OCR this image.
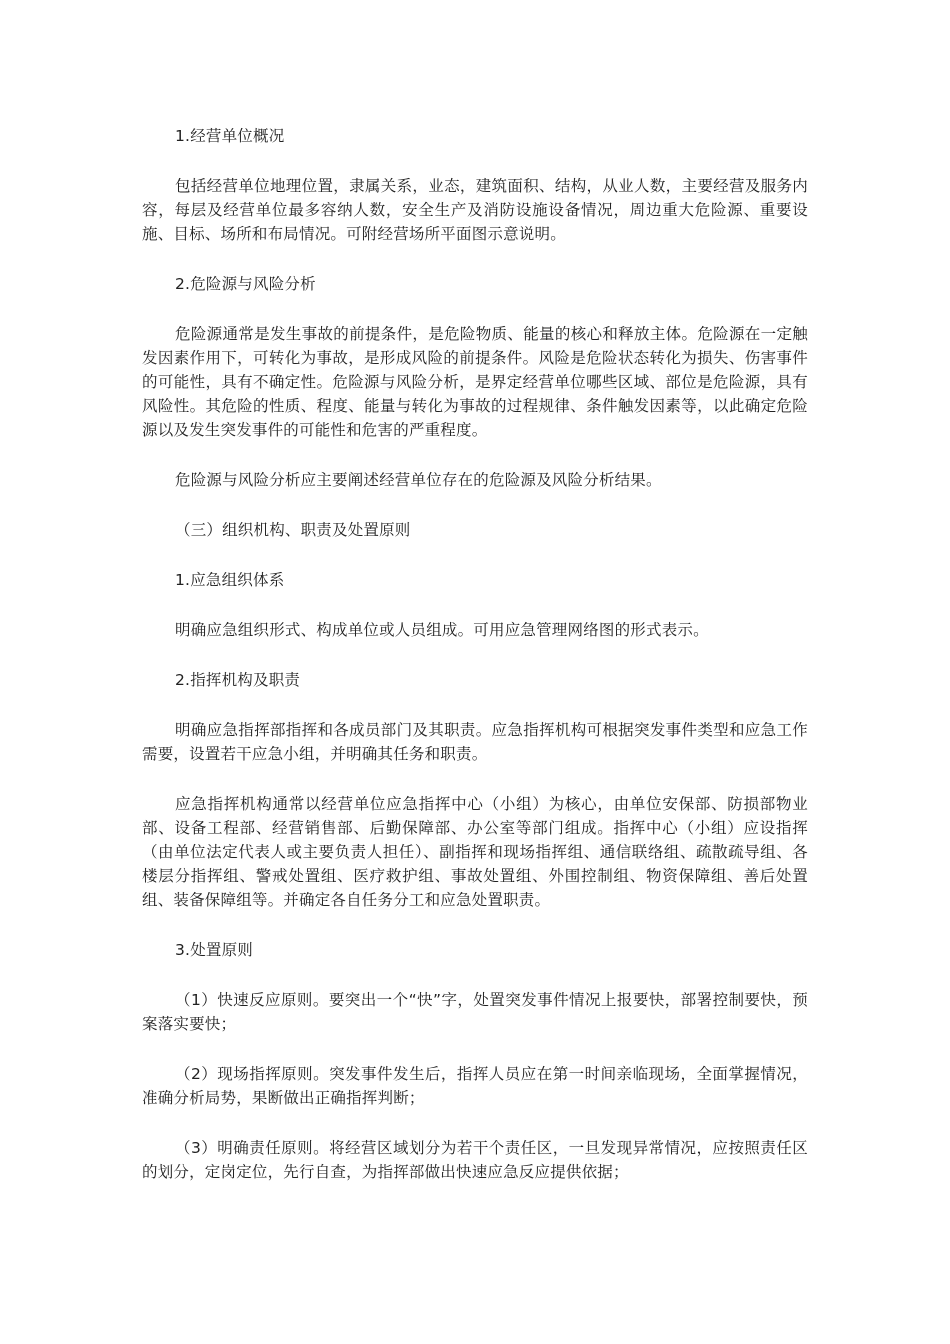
1.经营单位概况

包括经营单位地理位置，隶属关系，业态，建筑面积、结构，从业人数，主要经营及服务内容，每层及经营单位最多容纳人数，安全生产及消防设施设备情况，周边重大危险源、重要设施、目标、场所和布局情况。可附经营场所平面图示意说明。

2.危险源与风险分析

危险源通常是发生事故的前提条件，是危险物质、能量的核心和释放主体。危险源在一定触发因素作用下，可转化为事故，是形成风险的前提条件。风险是危险状态转化为损失、伤害事件的可能性，具有不确定性。危险源与风险分析，是界定经营单位哪些区域、部位是危险源，具有风险性。其危险的性质、程度、能量与转化为事故的过程规律、条件触发因素等，以此确定危险源以及发生突发事件的可能性和危害的严重程度。

危险源与风险分析应主要阐述经营单位存在的危险源及风险分析结果。

（三）组织机构、职责及处置原则

1.应急组织体系

明确应急组织形式、构成单位或人员组成。可用应急管理网络图的形式表示。

2.指挥机构及职责

明确应急指挥部指挥和各成员部门及其职责。应急指挥机构可根据突发事件类型和应急工作需要，设置若干应急小组，并明确其任务和职责。

应急指挥机构通常以经营单位应急指挥中心（小组）为核心，由单位安保部、防损部物业部、设备工程部、经营销售部、后勤保障部、办公室等部门组成。指挥中心（小组）应设指挥（由单位法定代表人或主要负责人担任）、副指挥和现场指挥组、通信联络组、疏散疏导组、各楼层分指挥组、警戒处置组、医疗救护组、事故处置组、外围控制组、物资保障组、善后处置组、装备保障组等。并确定各自任务分工和应急处置职责。

3.处置原则

（1）快速反应原则。要突出一个“快”字，处置突发事件情况上报要快，部署控制要快，预案落实要快；

（2）现场指挥原则。突发事件发生后，指挥人员应在第一时间亲临现场，全面掌握情况，准确分析局势，果断做出正确指挥判断；

（3）明确责任原则。将经营区域划分为若干个责任区，一旦发现异常情况，应按照责任区的划分，定岗定位，先行自查，为指挥部做出快速应急反应提供依据；
